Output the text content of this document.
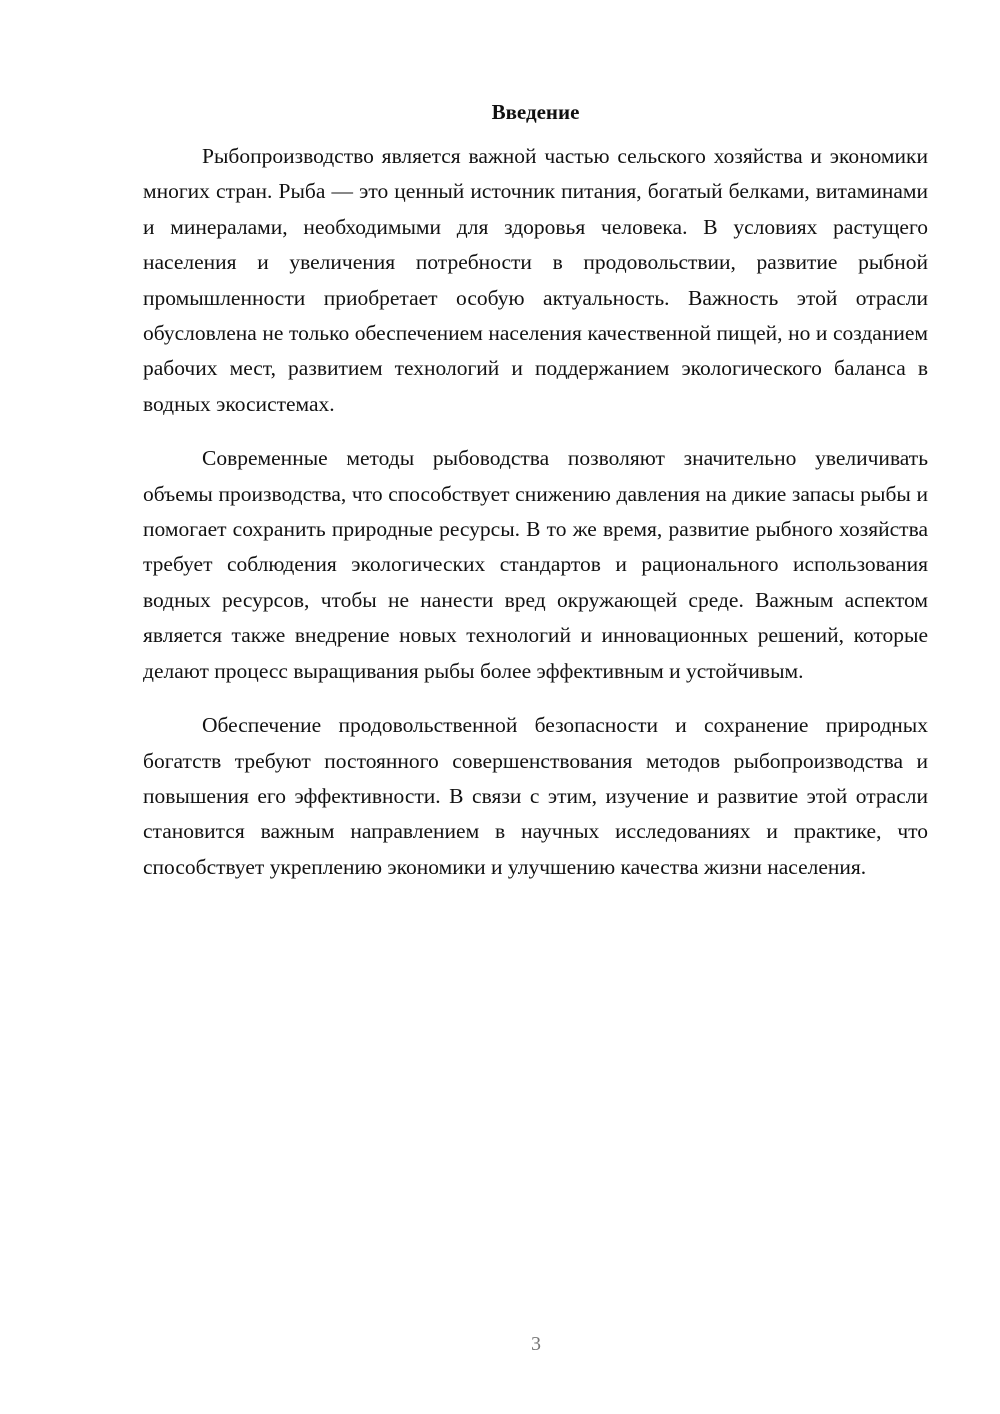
Введение

Рыбопроизводство является важной частью сельского хозяйства и экономики многих стран. Рыба — это ценный источник питания, богатый белками, витаминами и минералами, необходимыми для здоровья человека. В условиях растущего населения и увеличения потребности в продовольствии, развитие рыбной промышленности приобретает особую актуальность. Важность этой отрасли обусловлена не только обеспечением населения качественной пищей, но и созданием рабочих мест, развитием технологий и поддержанием экологического баланса в водных экосистемах.

Современные методы рыбоводства позволяют значительно увеличивать объемы производства, что способствует снижению давления на дикие запасы рыбы и помогает сохранить природные ресурсы. В то же время, развитие рыбного хозяйства требует соблюдения экологических стандартов и рационального использования водных ресурсов, чтобы не нанести вред окружающей среде. Важным аспектом является также внедрение новых технологий и инновационных решений, которые делают процесс выращивания рыбы более эффективным и устойчивым.

Обеспечение продовольственной безопасности и сохранение природных богатств требуют постоянного совершенствования методов рыбопроизводства и повышения его эффективности. В связи с этим, изучение и развитие этой отрасли становится важным направлением в научных исследованиях и практике, что способствует укреплению экономики и улучшению качества жизни населения.

3
